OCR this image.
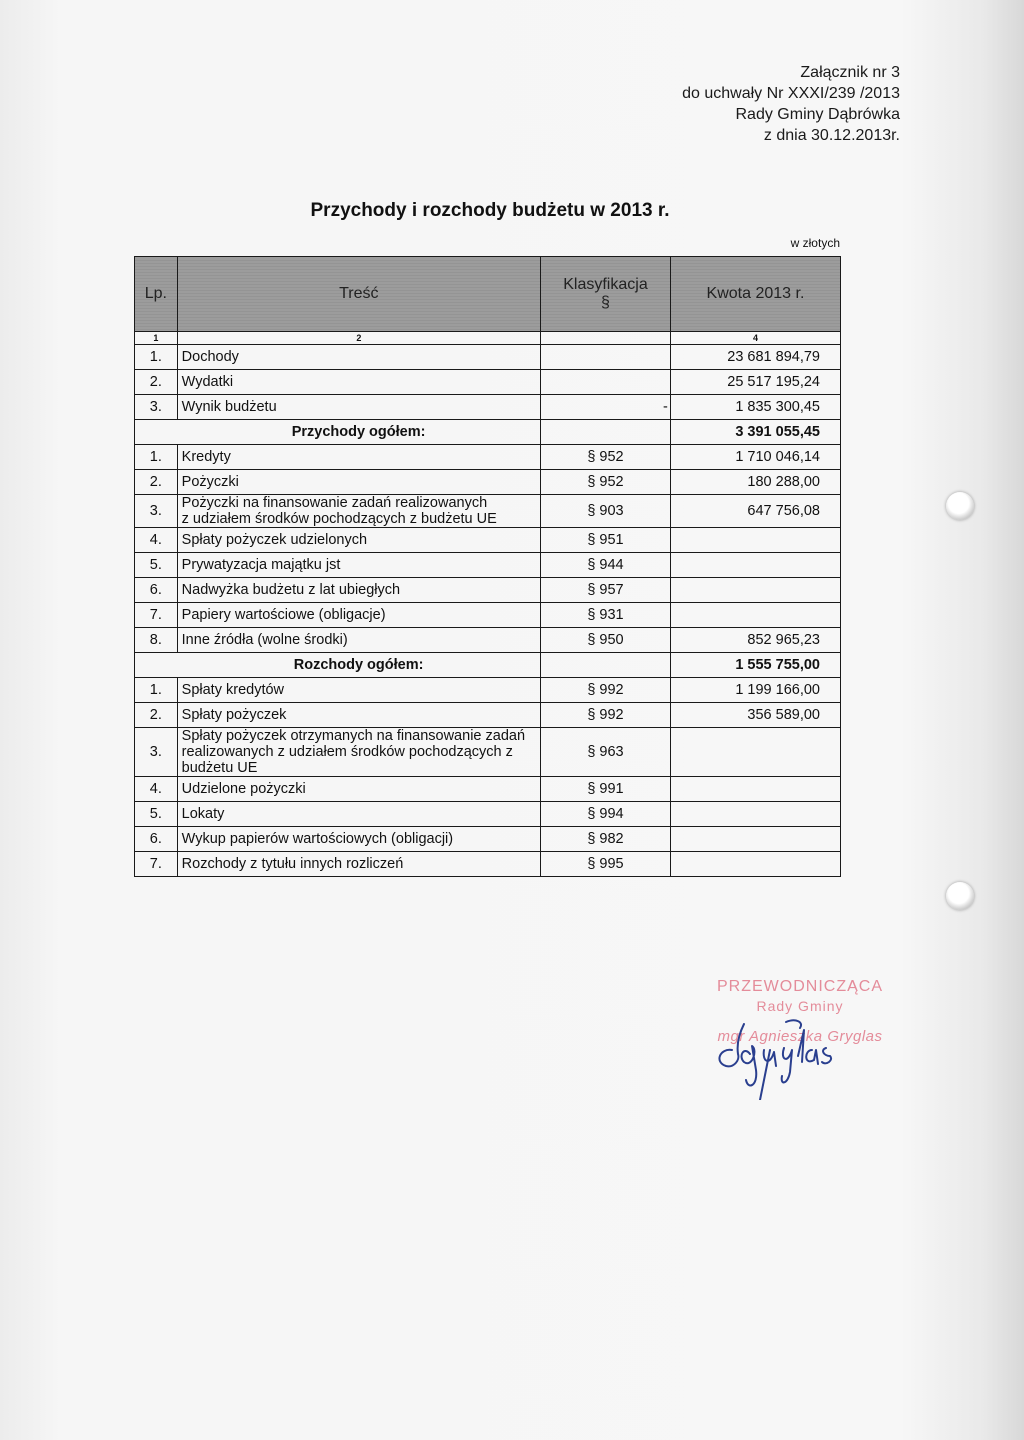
Załącznik nr 3
do uchwały Nr XXXI/239 /2013
Rady Gminy Dąbrówka
z dnia 30.12.2013r.
Przychody i rozchody budżetu w 2013 r.
w złotych
Lp.	Treść	Klasyfikacja
§	Kwota 2013 r.
1	2		4
1.	Dochody		23 681 894,79
2.	Wydatki		25 517 195,24
3.	Wynik budżetu		- 1 835 300,45
	Przychody ogółem:		3 391 055,45
1.	Kredyty	§ 952	1 710 046,14
2.	Pożyczki	§ 952	180 288,00
3.	Pożyczki na finansowanie zadań realizowanych
z udziałem środków pochodzących z budżetu UE	§ 903	647 756,08
4.	Spłaty pożyczek udzielonych	§ 951	
5.	Prywatyzacja majątku jst	§ 944	
6.	Nadwyżka budżetu z lat ubiegłych	§ 957	
7.	Papiery wartościowe (obligacje)	§ 931	
8.	Inne źródła (wolne środki)	§ 950	852 965,23
	Rozchody ogółem:		1 555 755,00
1.	Spłaty kredytów	§ 992	1 199 166,00
2.	Spłaty pożyczek	§ 992	356 589,00
3.	Spłaty pożyczek otrzymanych na finansowanie zadań
realizowanych z udziałem środków pochodzących z
budżetu UE	§ 963	
4.	Udzielone pożyczki	§ 991	
5.	Lokaty	§ 994	
6.	Wykup papierów wartościowych (obligacji)	§ 982	
7.	Rozchody z tytułu innych rozliczeń	§ 995	
PRZEWODNICZĄCA
Rady Gminy
mgr Agnieszka Gryglas
